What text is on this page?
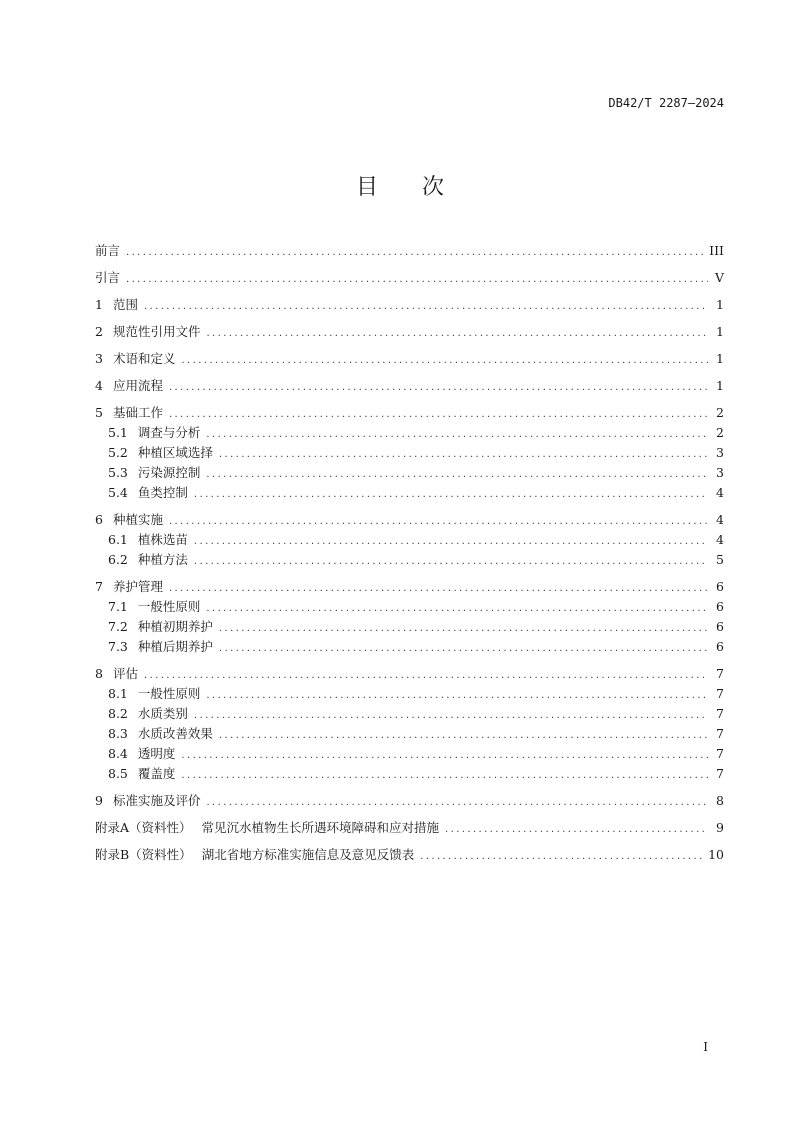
DB42/T 2287—2024
目 次
前言 .....	III
引言 .....	V
1 范围 .....	1
2 规范性引用文件 .....	1
3 术语和定义 .....	1
4 应用流程 .....	1
5 基础工作 .....	2
5.1 调查与分析 .....	2
5.2 种植区域选择 .....	3
5.3 污染源控制 .....	3
5.4 鱼类控制 .....	4
6 种植实施 .....	4
6.1 植株选苗 .....	4
6.2 种植方法 .....	5
7 养护管理 .....	6
7.1 一般性原则 .....	6
7.2 种植初期养护 .....	6
7.3 种植后期养护 .....	6
8 评估 .....	7
8.1 一般性原则 .....	7
8.2 水质类别 .....	7
8.3 水质改善效果 .....	7
8.4 透明度 .....	7
8.5 覆盖度 .....	7
9 标准实施及评价 .....	8
附录A（资料性） 常见沉水植物生长所遇环境障碍和应对措施 .....	9
附录B（资料性） 湖北省地方标准实施信息及意见反馈表 .....	10
I
